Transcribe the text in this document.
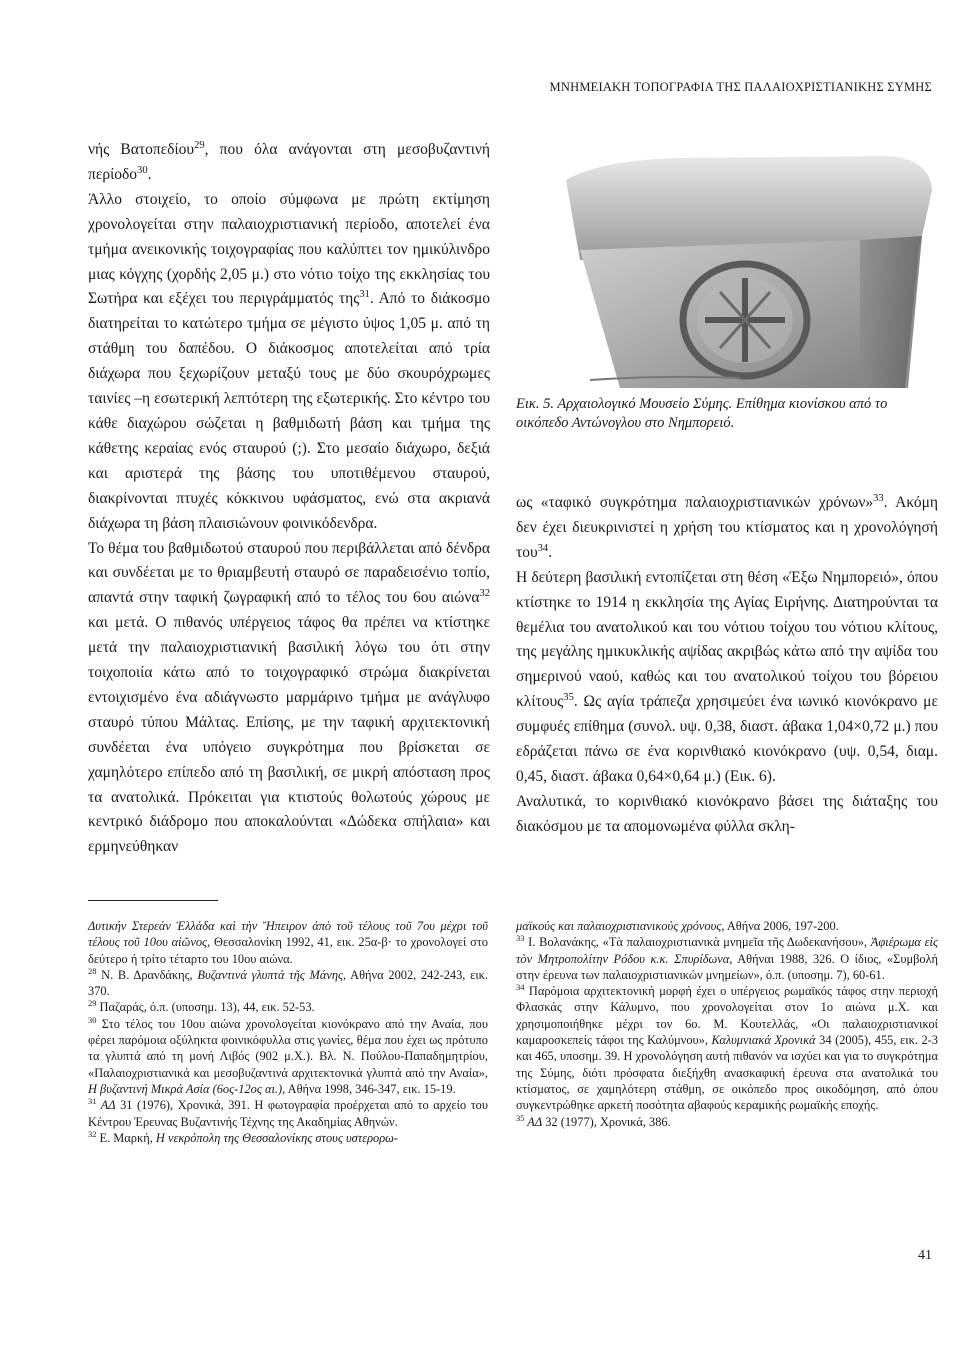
ΜΝΗΜΕΙΑΚΗ ΤΟΠΟΓΡΑΦΙΑ ΤΗΣ ΠΑΛΑΙΟΧΡΙΣΤΙΑΝΙΚΗΣ ΣΥΜΗΣ

νής Βατοπεδίου$^{29}$, που όλα ανάγονται στη μεσοβυζαντινή περίοδο$^{30}$.

Άλλο στοιχείο, το οποίο σύμφωνα με πρώτη εκτίμηση χρονολογείται στην παλαιοχριστιανική περίοδο, αποτελεί ένα τμήμα ανεικονικής τοιχογραφίας που καλύπτει τον ημικύλινδρο μιας κόγχης (χορδής 2,05 μ.) στο νότιο τοίχο της εκκλησίας του Σωτήρα και εξέχει του περιγράμματός της$^{31}$. Από το διάκοσμο διατηρείται το κατώτερο τμήμα σε μέγιστο ύψος 1,05 μ. από τη στάθμη του δαπέδου. Ο διάκοσμος αποτελείται από τρία διάχωρα που ξεχωρίζουν μεταξύ τους με δύο σκουρόχρωμες ταινίες –η εσωτερική λεπτότερη της εξωτερικής. Στο κέντρο του κάθε διαχώρου σώζεται η βαθμιδωτή βάση και τμήμα της κάθετης κεραίας ενός σταυρού (;). Στο μεσαίο διάχωρο, δεξιά και αριστερά της βάσης του υποτιθέμενου σταυρού, διακρίνονται πτυχές κόκκινου υφάσματος, ενώ στα ακριανά διάχωρα τη βάση πλαισιώνουν φοινικόδενδρα.

Το θέμα του βαθμιδωτού σταυρού που περιβάλλεται από δένδρα και συνδέεται με το θριαμβευτή σταυρό σε παραδεισένιο τοπίο, απαντά στην ταφική ζωγραφική από το τέλος του 6ου αιώνα$^{32}$ και μετά. Ο πιθανός υπέργειος τάφος θα πρέπει να κτίστηκε μετά την παλαιοχριστιανική βασιλική λόγω του ότι στην τοιχοποιία κάτω από το τοιχογραφικό στρώμα διακρίνεται εντοιχισμένο ένα αδιάγνωστο μαρμάρινο τμήμα με ανάγλυφο σταυρό τύπου Μάλτας. Επίσης, με την ταφική αρχιτεκτονική συνδέεται ένα υπόγειο συγκρότημα που βρίσκεται σε χαμηλότερο επίπεδο από τη βασιλική, σε μικρή απόσταση προς τα ανατολικά. Πρόκειται για κτιστούς θολωτούς χώρους με κεντρικό διάδρομο που αποκαλούνται «Δώδεκα σπήλαια» και ερμηνεύθηκαν

Εικ. 5. Αρχαιολογικό Μουσείο Σύμης. Επίθημα κιονίσκου από το οικόπεδο Αντώνογλου στο Νημπορειό.

ως «ταφικό συγκρότημα παλαιοχριστιανικών χρόνων»$^{33}$. Ακόμη δεν έχει διευκρινιστεί η χρήση του κτίσματος και η χρονολόγησή του$^{34}$.

Η δεύτερη βασιλική εντοπίζεται στη θέση «Έξω Νημπορειό», όπου κτίστηκε το 1914 η εκκλησία της Αγίας Ειρήνης. Διατηρούνται τα θεμέλια του ανατολικού και του νότιου τοίχου του νότιου κλίτους, της μεγάλης ημικυκλικής αψίδας ακριβώς κάτω από την αψίδα του σημερινού ναού, καθώς και του ανατολικού τοίχου του βόρειου κλίτους$^{35}$. Ως αγία τράπεζα χρησιμεύει ένα ιωνικό κιονόκρανο με συμφυές επίθημα (συνολ. υψ. 0,38, διαστ. άβακα 1,04×0,72 μ.) που εδράζεται πάνω σε ένα κορινθιακό κιονόκρανο (υψ. 0,54, διαμ. 0,45, διαστ. άβακα 0,64×0,64 μ.) (Εικ. 6).

Αναλυτικά, το κορινθιακό κιονόκρανο βάσει της διάταξης του διακόσμου με τα απομονωμένα φύλλα σκλη-

Δυτικήν Στερεάν Ἑλλάδα καὶ τὴν Ἤπειρον ἀπὸ τοῦ τέλους τοῦ 7ου μέχρι τοῦ τέλους τοῦ 10ου αἰῶνος, Θεσσαλονίκη 1992, 41, εικ. 25α-β· το χρονολογεί στο δεύτερο ή τρίτο τέταρτο του 10ου αιώνα.

$^{28}$ Ν. Β. Δρανδάκης, Βυζαντινά γλυπτά τῆς Μάνης, Αθήνα 2002, 242-243, εικ. 370.

$^{29}$ Παζαράς, ό.π. (υποσημ. 13), 44, εικ. 52-53.

$^{30}$ Στο τέλος του 10ου αιώνα χρονολογείται κιονόκρανο από την Αναία, που φέρει παρόμοια οξύληκτα φοινικόφυλλα στις γωνίες, θέμα που έχει ως πρότυπο τα γλυπτά από τη μονή Λιβός (902 μ.Χ.). Βλ. Ν. Πούλου-Παπαδημητρίου, «Παλαιοχριστιανικά και μεσοβυζαντινά αρχιτεκτονικά γλυπτά από την Αναία», Η βυζαντινή Μικρά Ασία (6ος-12ος αι.), Αθήνα 1998, 346-347, εικ. 15-19.

$^{31}$ ΑΔ 31 (1976), Χρονικά, 391. Η φωτογραφία προέρχεται από το αρχείο του Κέντρου Έρευνας Βυζαντινής Τέχνης της Ακαδημίας Αθηνών.

$^{32}$ Ε. Μαρκή, Η νεκρόπολη της Θεσσαλονίκης στους υστερορω-

μαϊκούς και παλαιοχριστιανικούς χρόνους, Αθήνα 2006, 197-200.

$^{33}$ Ι. Βολανάκης, «Τὰ παλαιοχριστιανικὰ μνημεῖα τῆς Δωδεκανήσου», Ἀφιέρωμα εἰς τὸν Μητροπολίτην Ρόδου κ.κ. Σπυρίδωνα, Αθήναι 1988, 326. Ο ίδιος, «Συμβολή στην έρευνα των παλαιοχριστιανικών μνημείων», ό.π. (υποσημ. 7), 60-61.

$^{34}$ Παρόμοια αρχιτεκτονική μορφή έχει ο υπέργειος ρωμαϊκός τάφος στην περιοχή Φλασκάς στην Κάλυμνο, που χρονολογείται στον 1ο αιώνα μ.Χ. και χρησιμοποιήθηκε μέχρι τον 6ο. Μ. Κουτελλάς, «Οι παλαιοχριστιανικοί καμαροσκεπείς τάφοι της Καλύμνου», Καλυμνιακά Χρονικά 34 (2005), 455, εικ. 2-3 και 465, υποσημ. 39. Η χρονολόγηση αυτή πιθανόν να ισχύει και για το συγκρότημα της Σύμης, διότι πρόσφατα διεξήχθη ανασκαφική έρευνα στα ανατολικά του κτίσματος, σε χαμηλότερη στάθμη, σε οικόπεδο προς οικοδόμηση, από όπου συγκεντρώθηκε αρκετή ποσότητα αβαφούς κεραμικής ρωμαϊκής εποχής.

$^{35}$ ΑΔ 32 (1977), Χρονικά, 386.

41
